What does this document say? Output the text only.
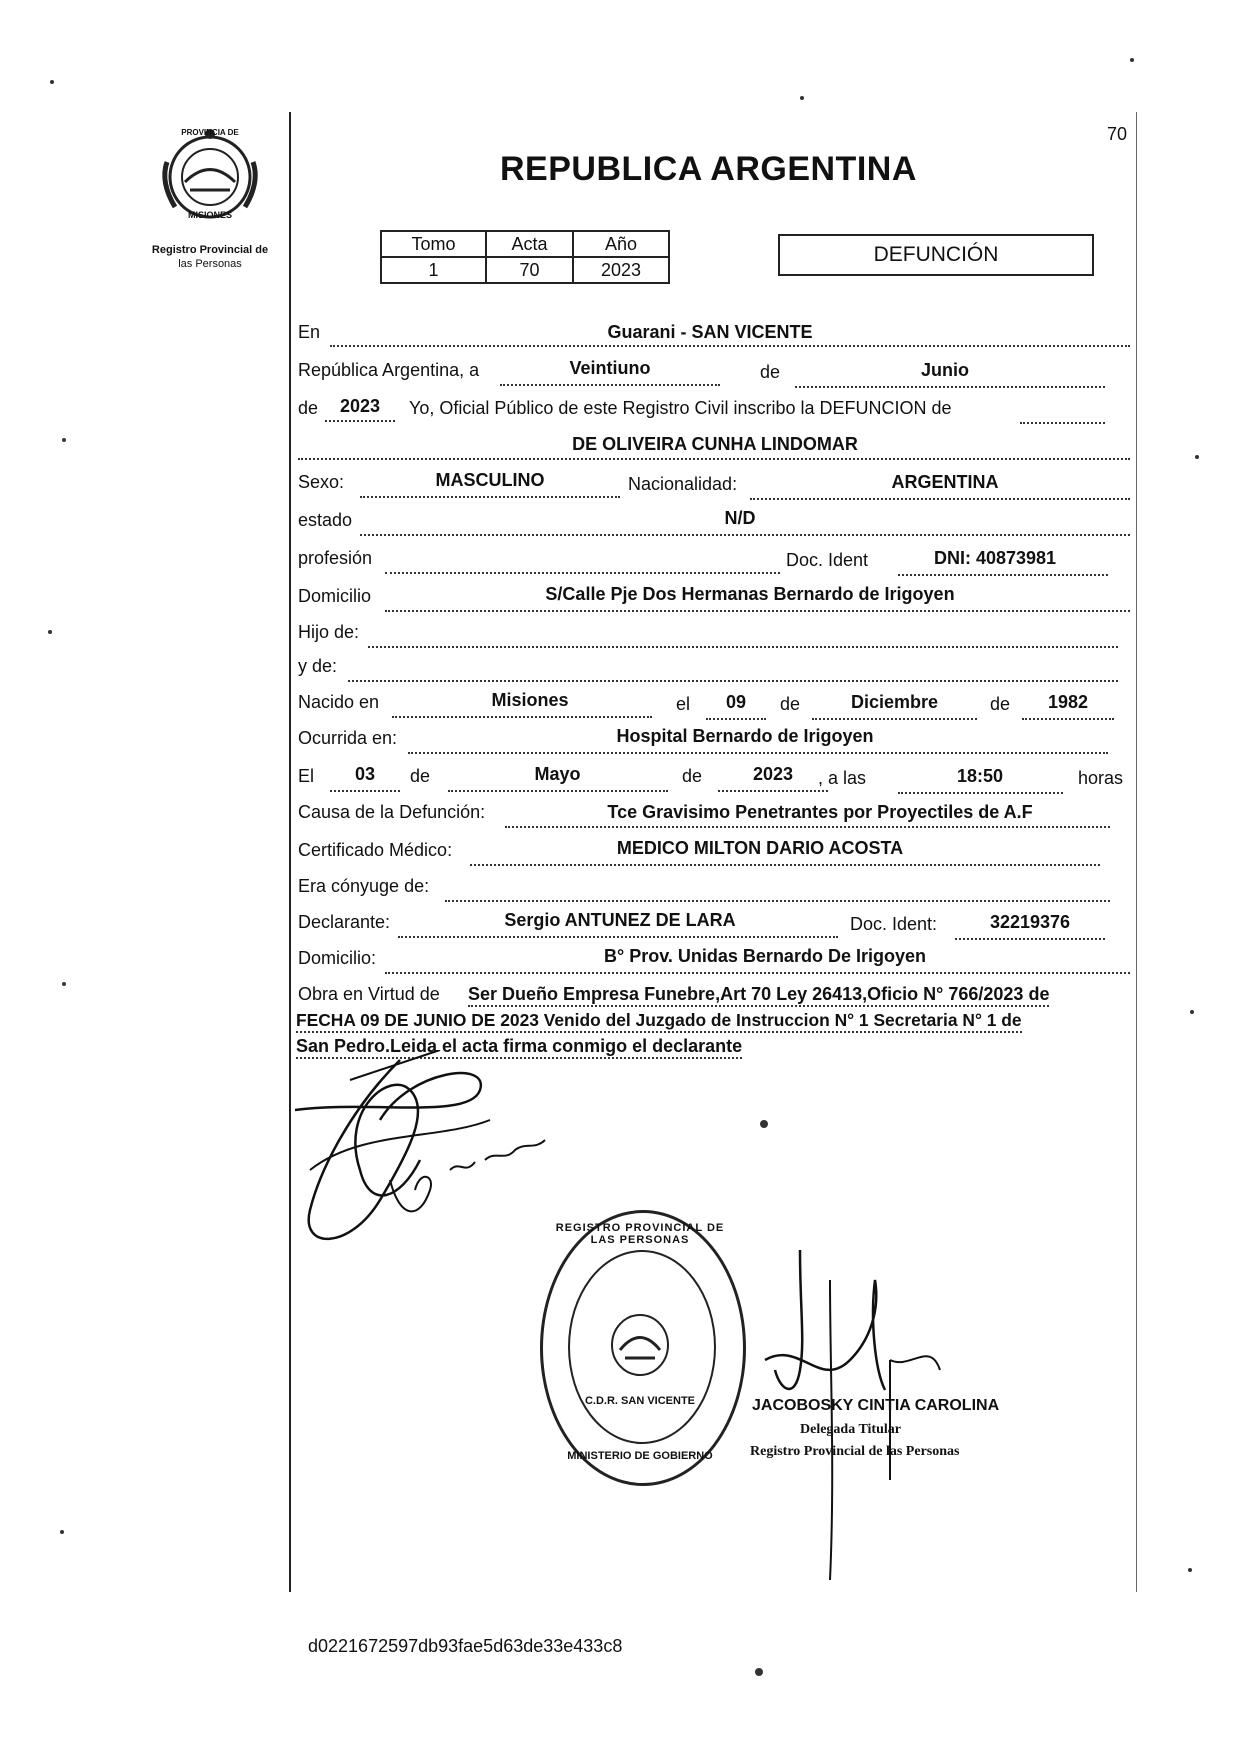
PROVINCIA DE
MISIONES
Registro Provincial de
las Personas
70
REPUBLICA ARGENTINA
Tomo	Acta	Año
1	70	2023
DEFUNCIÓN
En	Guarani - SAN VICENTE
República Argentina, a	Veintiuno	de	Junio
de	2023	Yo, Oficial Público de este Registro Civil inscribo la DEFUNCION de
DE OLIVEIRA CUNHA LINDOMAR
Sexo:	MASCULINO	Nacionalidad:	ARGENTINA
estado	N/D
profesión	Doc. Ident	DNI: 40873981
Domicilio	S/Calle Pje Dos Hermanas Bernardo de Irigoyen
Hijo de:
y de:
Nacido en	Misiones	el	09	de	Diciembre	de	1982
Ocurrida en:	Hospital Bernardo de Irigoyen
El	03	de	Mayo	de	2023	, a las	18:50	horas
Causa de la Defunción:	Tce Gravisimo Penetrantes por Proyectiles de A.F
Certificado Médico:	MEDICO MILTON DARIO ACOSTA
Era cónyuge de:
Declarante:	Sergio ANTUNEZ DE LARA	Doc. Ident:	32219376
Domicilio:	B° Prov. Unidas Bernardo De Irigoyen
Obra en Virtud de Ser Dueño Empresa Funebre,Art 70 Ley 26413,Oficio N° 766/2023 de
FECHA 09 DE JUNIO DE 2023 Venido del Juzgado de Instruccion N° 1 Secretaria N° 1 de
San Pedro.Leida el acta firma conmigo el declarante
REGISTRO PROVINCIAL DE LAS PERSONAS
C.D.R. SAN VICENTE
MINISTERIO DE GOBIERNO
JACOBOSKY CINTIA CAROLINA
Delegada Titular
Registro Provincial de las Personas
d0221672597db93fae5d63de33e433c8
